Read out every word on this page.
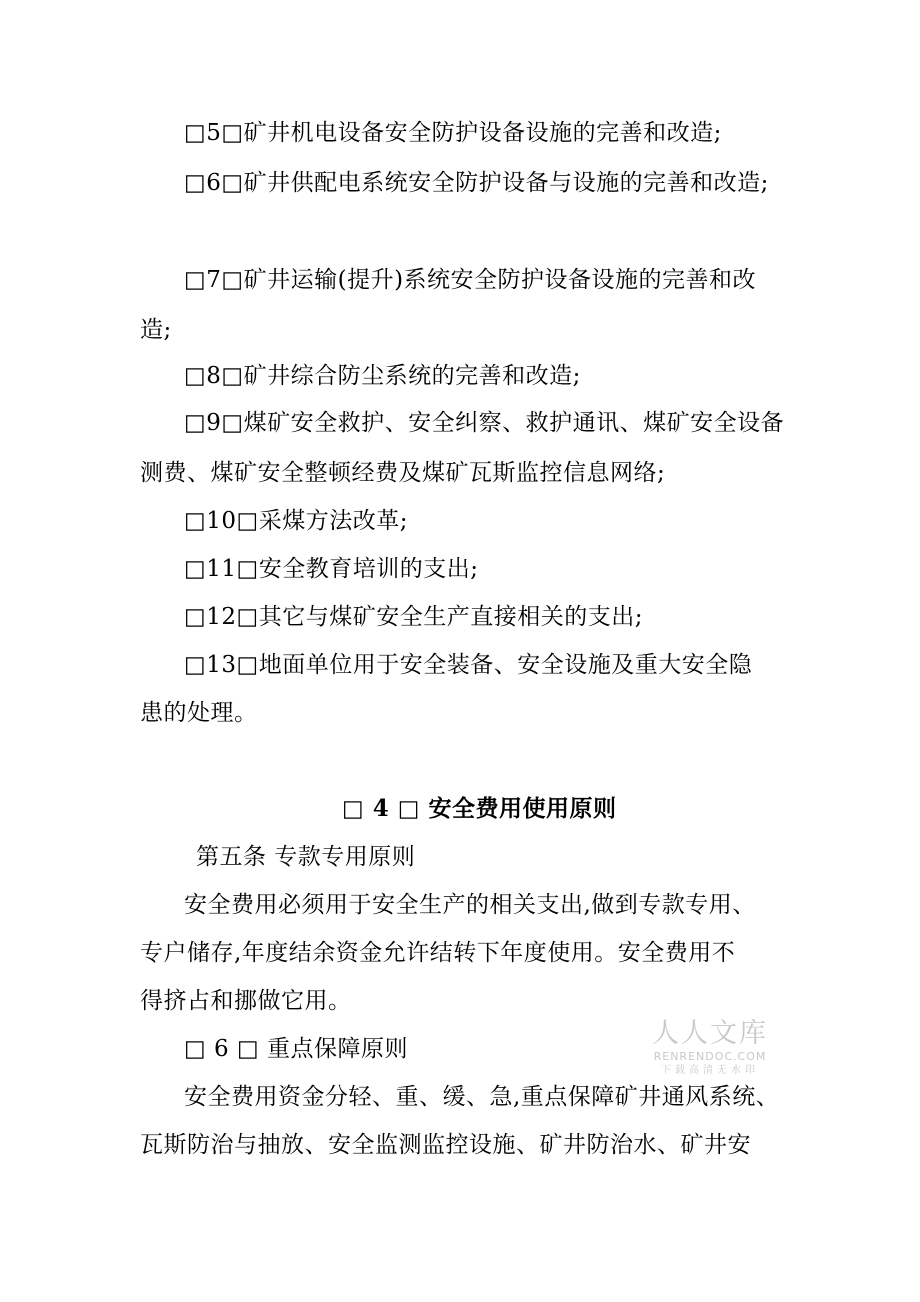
□5□矿井机电设备安全防护设备设施的完善和改造;
□6□矿井供配电系统安全防护设备与设施的完善和改造;
□7□矿井运输(提升)系统安全防护设备设施的完善和改
造;
□8□矿井综合防尘系统的完善和改造;
□9□煤矿安全救护、安全纠察、救护通讯、煤矿安全设备
测费、煤矿安全整顿经费及煤矿瓦斯监控信息网络;
□10□采煤方法改革;
□11□安全教育培训的支出;
□12□其它与煤矿安全生产直接相关的支出;
□13□地面单位用于安全装备、安全设施及重大安全隐
患的处理。
□ 4 □ 安全费用使用原则
第五条 专款专用原则
安全费用必须用于安全生产的相关支出,做到专款专用、
专户储存,年度结余资金允许结转下年度使用。安全费用不
得挤占和挪做它用。
□ 6 □ 重点保障原则
安全费用资金分轻、重、缓、急,重点保障矿井通风系统、
瓦斯防治与抽放、安全监测监控设施、矿井防治水、矿井安
人人文库
RENRENDOC.COM
下载高清无水印
